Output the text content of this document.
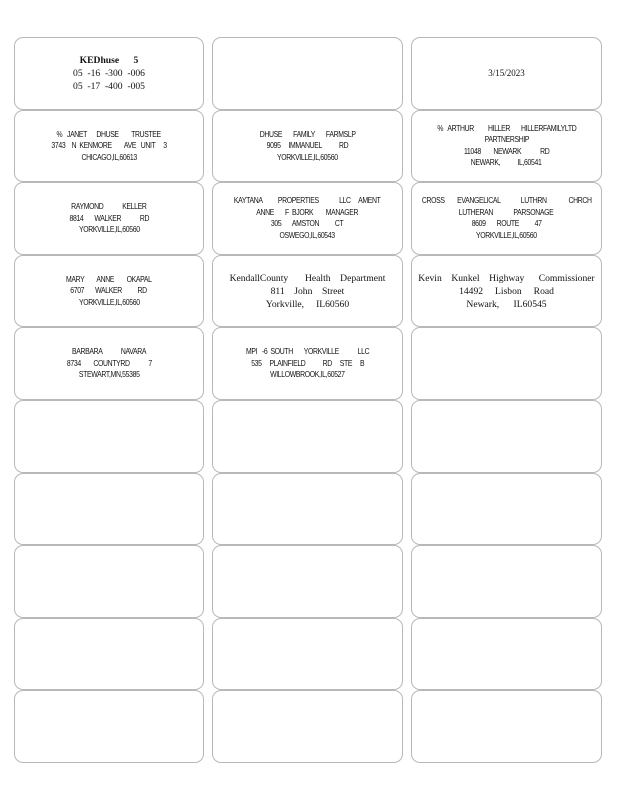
KEDhuse      5
05  -16  -300  -006
05  -17  -400  -005
3/15/2023
%   JANET      DHUSE        TRUSTEE
3743    N  KENMORE        AVE   UNIT     3
CHICAGO,IL,60613
DHUSE       FAMILY       FARMSLP
9095     IMMANUEL           RD
YORKVILLE,IL,60560
%   ARTHUR         HILLER       HILLERFAMILYLTD
PARTNERSHIP
11048        NEWARK            RD
NEWARK,           IL,60541
RAYMOND            KELLER
8814       WALKER            RD
YORKVILLE,IL,60560
KAYTANA          PROPERTIES             LLC     AMENT
ANNE       F  BJORK        MANAGER
305       AMSTON          CT
OSWEGO,IL,60543
CROSS        EVANGELICAL             LUTHRN              CHRCH
LUTHERAN             PARSONAGE
8609       ROUTE          47
YORKVILLE,IL,60560
MARY        ANNE        OKAPAL
6707       WALKER          RD
YORKVILLE,IL,60560
KendallCounty       Health    Department
811    John    Street
Yorkville,     IL60560
Kevin    Kunkel    Highway      Commissioner
14492     Lisbon     Road
Newark,      IL60545
BARBARA            NAVARA
8734        COUNTYRD            7
STEWART,MN,55385
MPI   -6  SOUTH       YORKVILLE            LLC
535     PLAINFIELD           RD     STE     B
WILLOWBROOK,IL,60527
